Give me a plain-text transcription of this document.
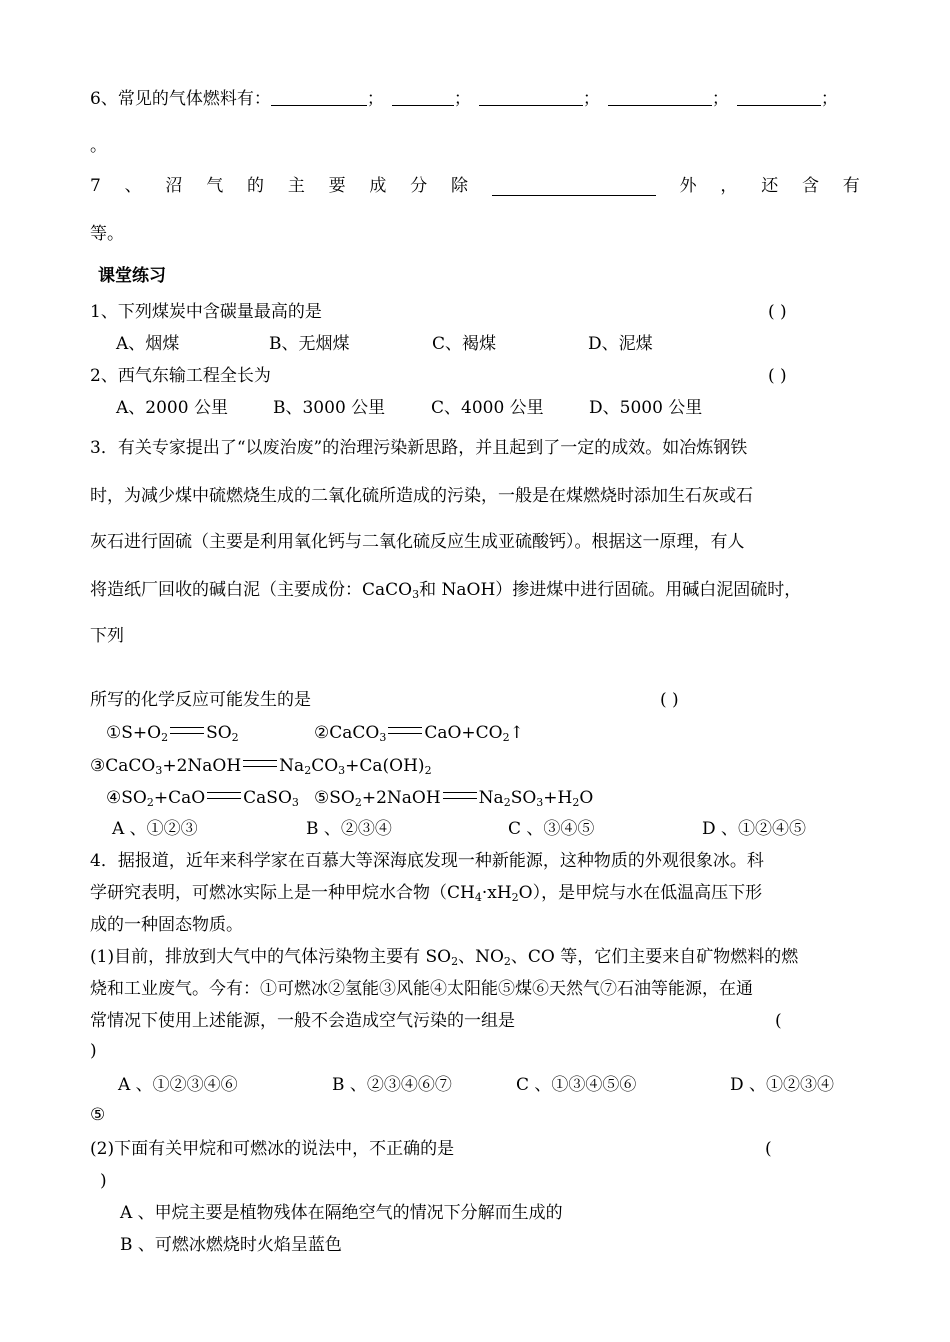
6、常见的气体燃料有：	；	；	；	；	；
。
7 、 沼 气 的 主 要 成 分 除	外 ， 还 含 有
等。
课堂练习
1、下列煤炭中含碳量最高的是	( )
A、烟煤	B、无烟煤	C、褐煤	D、泥煤
2、西气东输工程全长为	( )
A、2000 公里	B、3000 公里	C、4000 公里	D、5000 公里
3．有关专家提出了“以废治废”的治理污染新思路，并且起到了一定的成效。如冶炼钢铁
时，为减少煤中硫燃烧生成的二氧化硫所造成的污染，一般是在煤燃烧时添加生石灰或石
灰石进行固硫（主要是利用氧化钙与二氧化硫反应生成亚硫酸钙）。根据这一原理，有人
将造纸厂回收的碱白泥（主要成份：CaCO$_3$和 NaOH）掺进煤中进行固硫。用碱白泥固硫时，
下列
所写的化学反应可能发生的是	( )
$①S+O_2$ $SO_2$	②CaCO$_3$ $CaO+CO_2↑$
③CaCO$_3$+2NaOH $Na_2CO_3+Ca(OH)_2$
$④SO_2+CaO$ CaSO$_3$ $⑤SO_2+2NaOH$ $Na_2SO_3+H_2O$
A 、①②③	B 、②③④	C 、③④⑤	D 、①②④⑤
4．据报道，近年来科学家在百慕大等深海底发现一种新能源，这种物质的外观很象冰。科
学研究表明，可燃冰实际上是一种甲烷水合物$(CH_4\cdot xH_2O)$，是甲烷与水在低温高压下形
成的一种固态物质。
(1)目前，排放到大气中的气体污染物主要有 $SO_2$、$NO_2$、CO 等，它们主要来自矿物燃料的燃
烧和工业废气。今有：①可燃冰②氢能③风能④太阳能⑤煤⑥天然气⑦石油等能源，在通
常情况下使用上述能源，一般不会造成空气污染的一组是	(
)
A 、①②③④⑥	B 、②③④⑥⑦	C 、①③④⑤⑥	D 、①②③④
⑤
(2)下面有关甲烷和可燃冰的说法中，不正确的是	(
)
A 、甲烷主要是植物残体在隔绝空气的情况下分解而生成的
B 、可燃冰燃烧时火焰呈蓝色
